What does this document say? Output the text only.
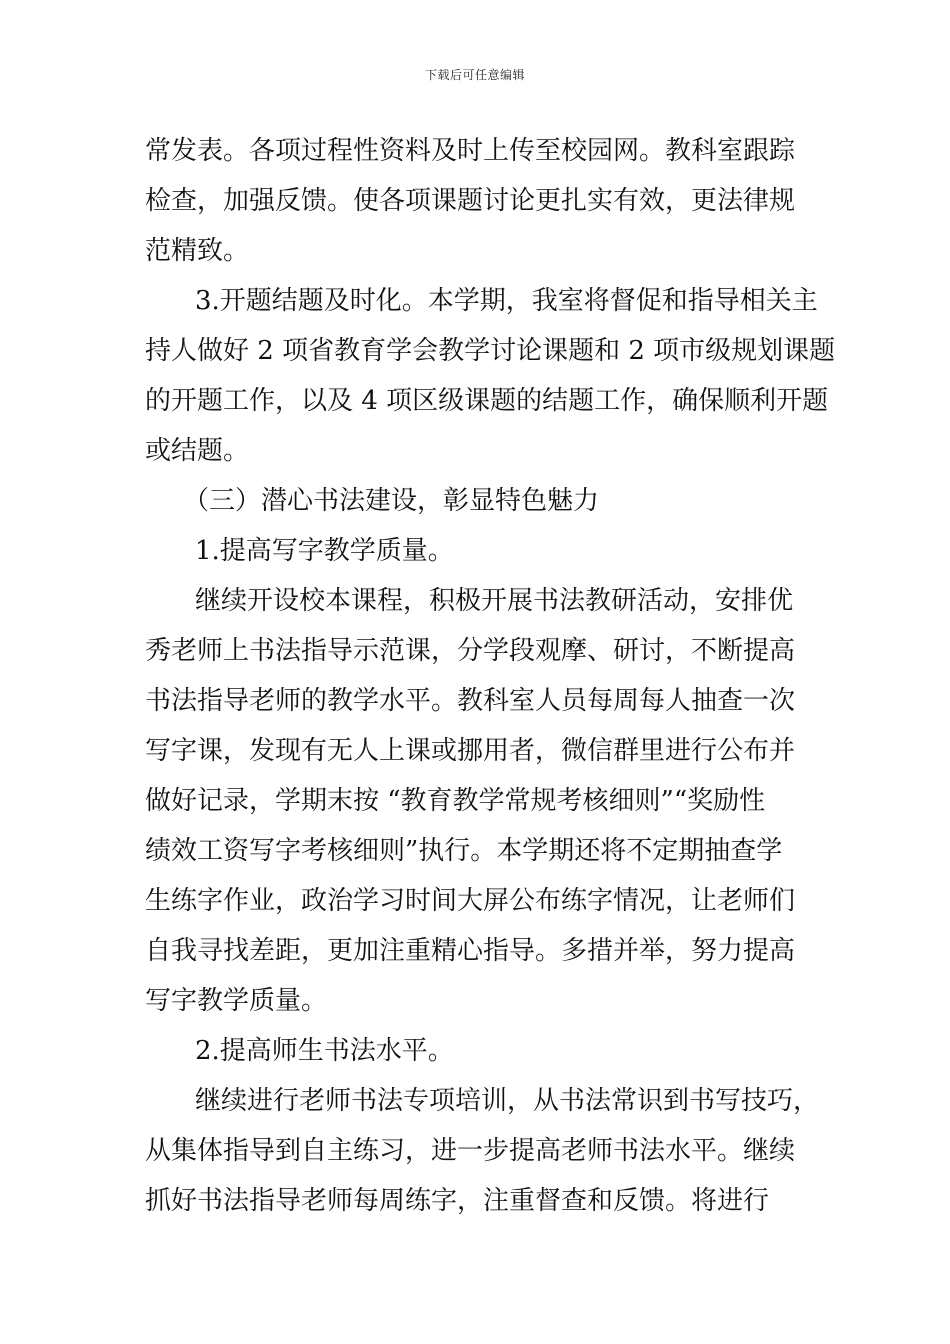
下载后可任意编辑
常发表。各项过程性资料及时上传至校园网。教科室跟踪
检查，加强反馈。使各项课题讨论更扎实有效，更法律规
范精致。
3.开题结题及时化。本学期，我室将督促和指导相关主
持人做好 2 项省教育学会教学讨论课题和 2 项市级规划课题
的开题工作，以及 4 项区级课题的结题工作，确保顺利开题
或结题。
（三）潜心书法建设，彰显特色魅力
1.提高写字教学质量。
继续开设校本课程，积极开展书法教研活动，安排优
秀老师上书法指导示范课，分学段观摩、研讨，不断提高
书法指导老师的教学水平。教科室人员每周每人抽查一次
写字课，发现有无人上课或挪用者，微信群里进行公布并
做好记录，学期末按 “教育教学常规考核细则”“奖励性
绩效工资写字考核细则”执行。本学期还将不定期抽查学
生练字作业，政治学习时间大屏公布练字情况，让老师们
自我寻找差距，更加注重精心指导。多措并举，努力提高
写字教学质量。
2.提高师生书法水平。
继续进行老师书法专项培训，从书法常识到书写技巧，
从集体指导到自主练习，进一步提高老师书法水平。继续
抓好书法指导老师每周练字，注重督查和反馈。将进行
